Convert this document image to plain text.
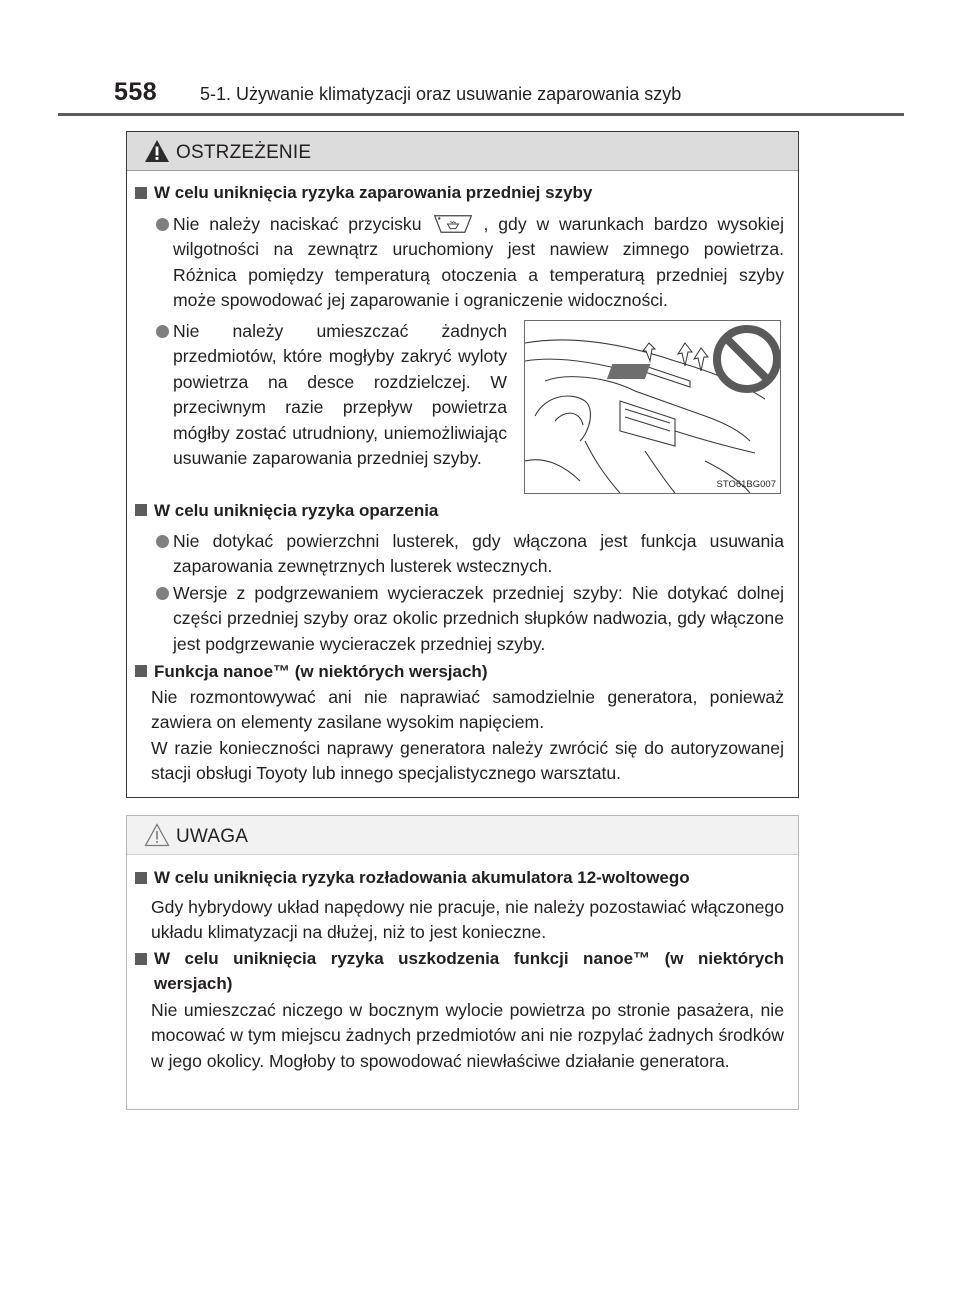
558 5-1. Używanie klimatyzacji oraz usuwanie zaparowania szyb
OSTRZEŻENIE
W celu uniknięcia ryzyka zaparowania przedniej szyby
Nie należy naciskać przycisku	, gdy w warunkach bardzo wysokiej wilgotności na zewnątrz uruchomiony jest nawiew zimnego powietrza. Różnica pomiędzy temperaturą otoczenia a temperaturą przedniej szyby może spowodować jej zaparowanie i ograniczenie widoczności.
Nie należy umieszczać żadnych przedmiotów, które mogłyby zakryć wyloty powietrza na desce rozdzielczej. W przeciwnym razie przepływ powietrza mógłby zostać utrudniony, uniemożliwiając usuwanie zaparowania przedniej szyby.
STO61BG007
W celu uniknięcia ryzyka oparzenia
Nie dotykać powierzchni lusterek, gdy włączona jest funkcja usuwania zaparowania zewnętrznych lusterek wstecznych.
Wersje z podgrzewaniem wycieraczek przedniej szyby: Nie dotykać dolnej części przedniej szyby oraz okolic przednich słupków nadwozia, gdy włączone jest podgrzewanie wycieraczek przedniej szyby.
Funkcja nanoe™ (w niektórych wersjach)
Nie rozmontowywać ani nie naprawiać samodzielnie generatora, ponieważ zawiera on elementy zasilane wysokim napięciem.
W razie konieczności naprawy generatora należy zwrócić się do autoryzowanej stacji obsługi Toyoty lub innego specjalistycznego warsztatu.
UWAGA
W celu uniknięcia ryzyka rozładowania akumulatora 12-woltowego
Gdy hybrydowy układ napędowy nie pracuje, nie należy pozostawiać włączonego układu klimatyzacji na dłużej, niż to jest konieczne.
W celu uniknięcia ryzyka uszkodzenia funkcji nanoe™ (w niektórych wersjach)
Nie umieszczać niczego w bocznym wylocie powietrza po stronie pasażera, nie mocować w tym miejscu żadnych przedmiotów ani nie rozpylać żadnych środków w jego okolicy. Mogłoby to spowodować niewłaściwe działanie generatora.
